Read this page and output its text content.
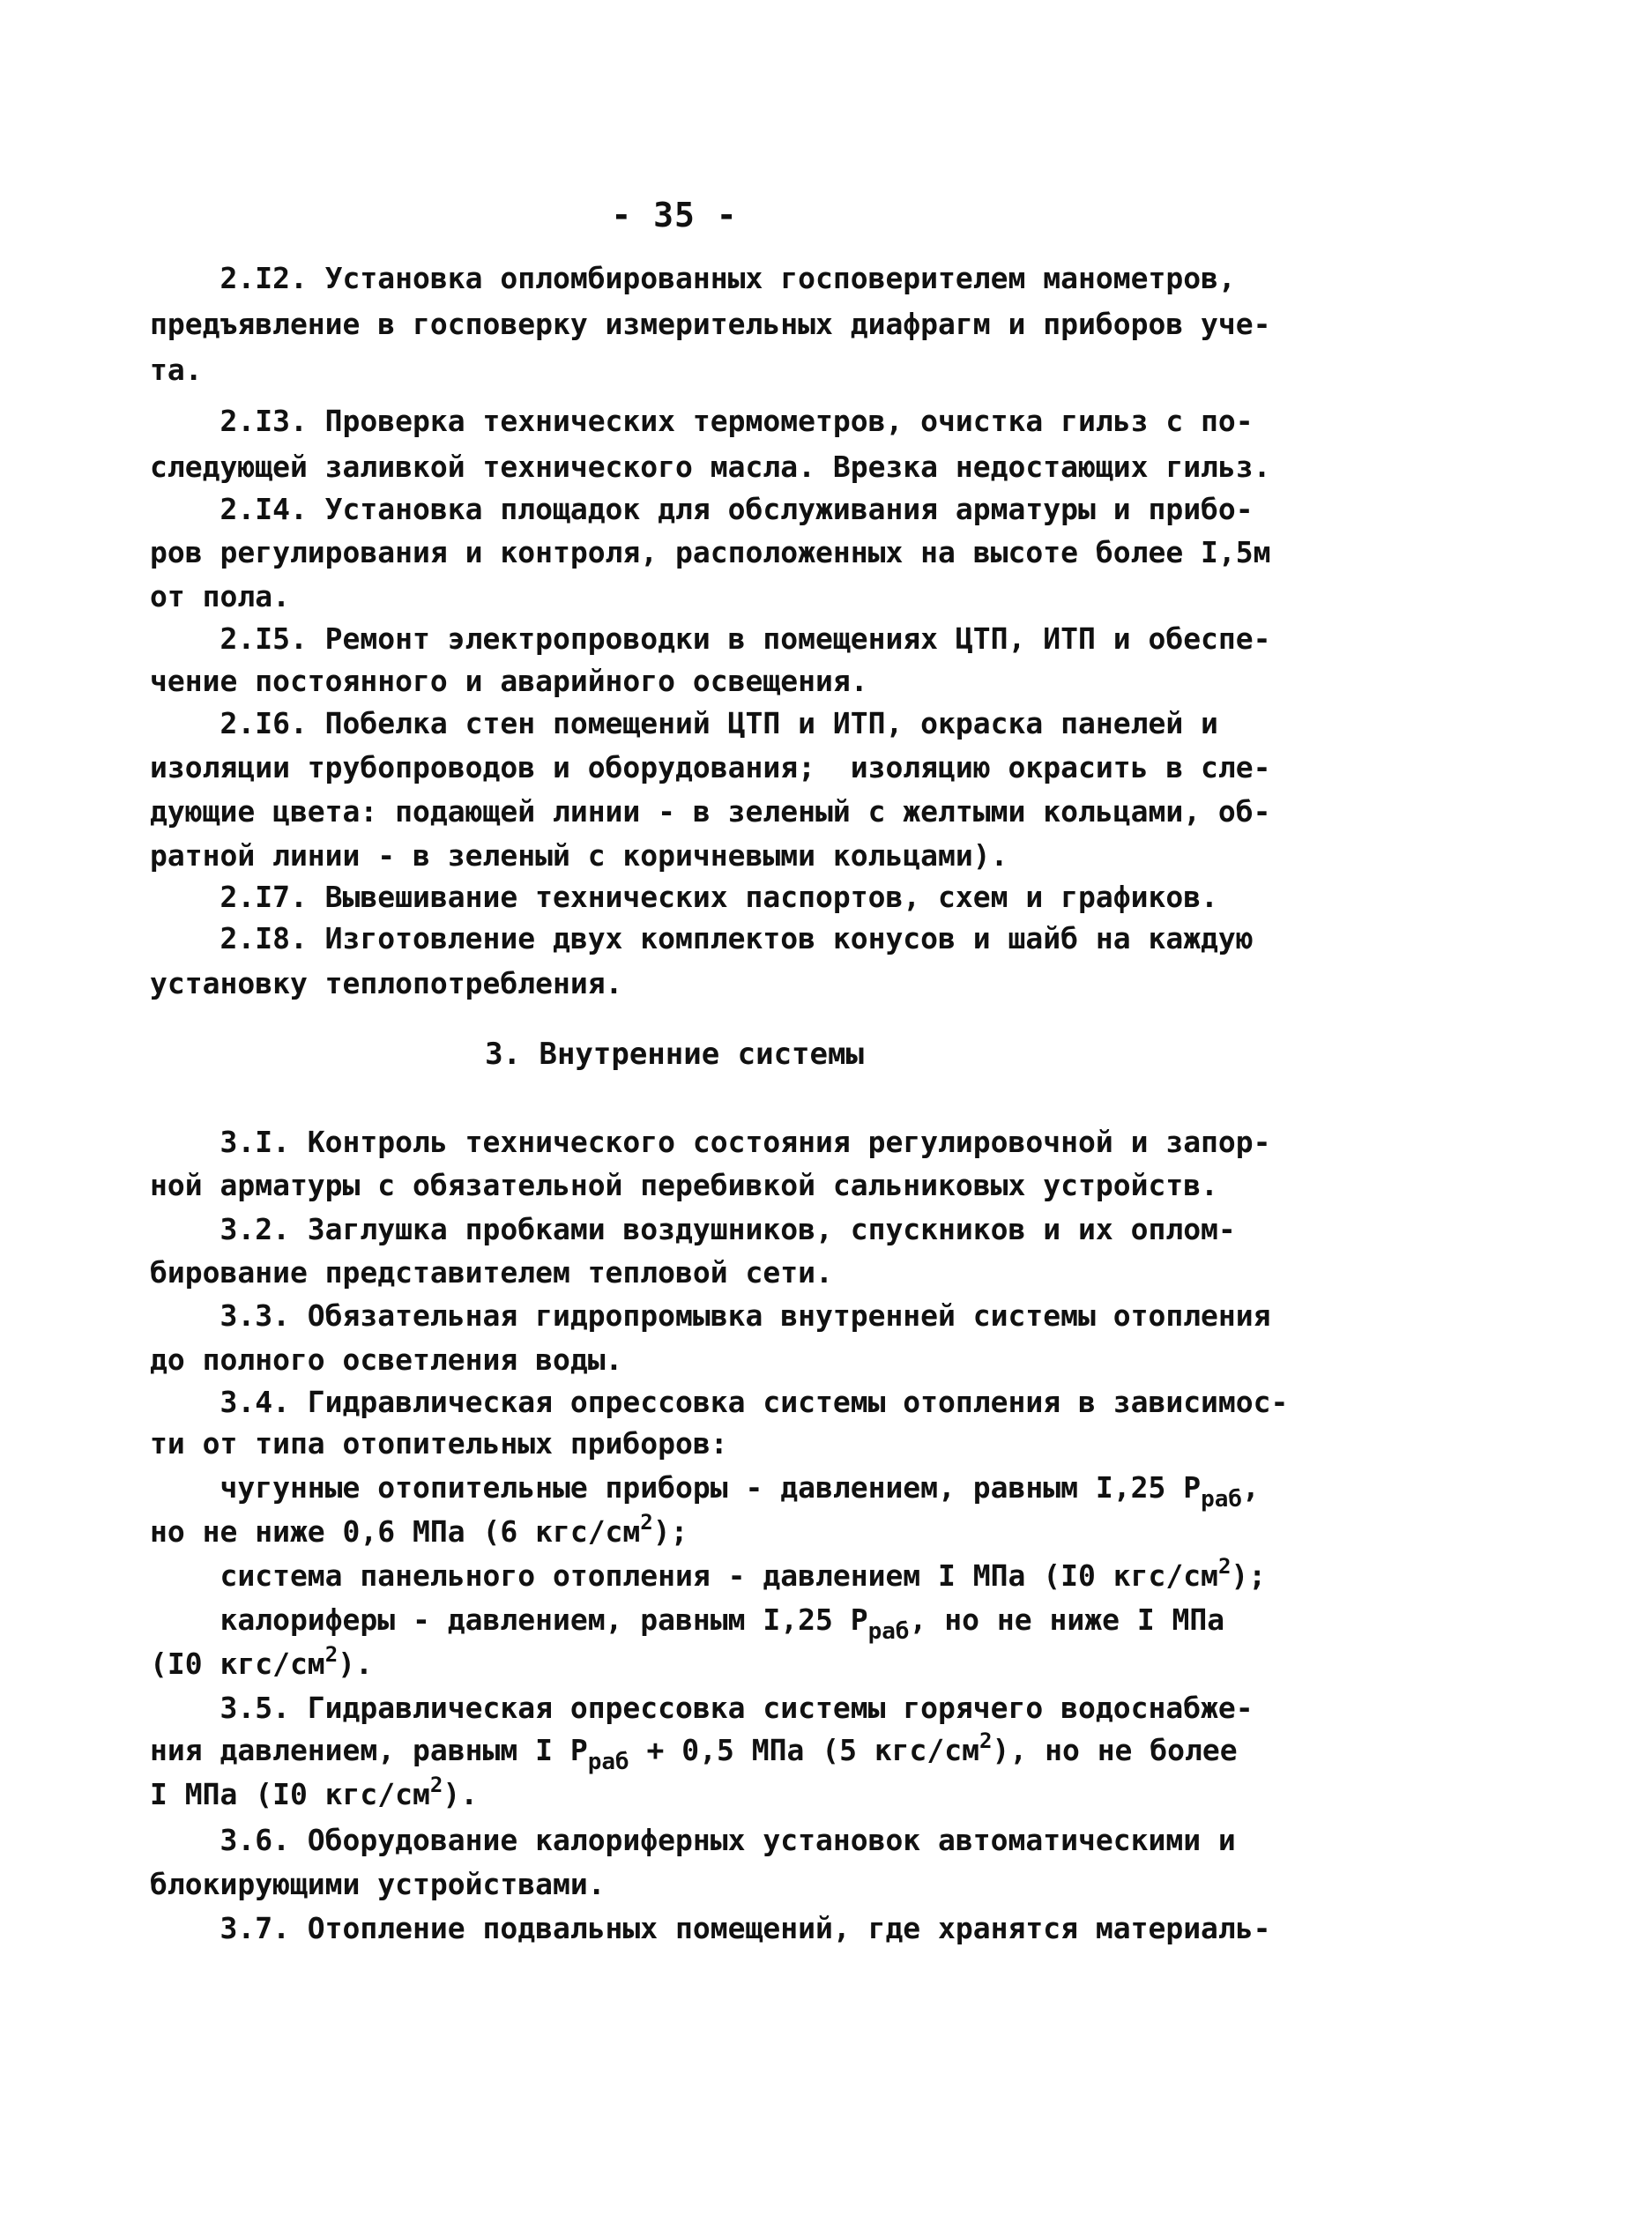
- 35 -
2.I2. Установка опломбированных госповерителем манометров,
предъявление в госповерку измерительных диафрагм и приборов уче-
та.
2.I3. Проверка технических термометров, очистка гильз с по-
следующей заливкой технического масла. Врезка недостающих гильз.
2.I4. Установка площадок для обслуживания арматуры и прибо-
ров регулирования и контроля, расположенных на высоте более I,5м
от пола.
2.I5. Ремонт электропроводки в помещениях ЦТП, ИТП и обеспе-
чение постоянного и аварийного освещения.
2.I6. Побелка стен помещений ЦТП и ИТП, окраска панелей и
изоляции трубопроводов и оборудования;  изоляцию окрасить в сле-
дующие цвета: подающей линии - в зеленый с желтыми кольцами, об-
ратной линии - в зеленый с коричневыми кольцами).
2.I7. Вывешивание технических паспортов, схем и графиков.
2.I8. Изготовление двух комплектов конусов и шайб на каждую
установку теплопотребления.
3. Внутренние системы
3.I. Контроль технического состояния регулировочной и запор-
ной арматуры с обязательной перебивкой сальниковых устройств.
3.2. Заглушка пробками воздушников, спускников и их оплом-
бирование представителем тепловой сети.
3.3. Обязательная гидропромывка внутренней системы отопления
до полного осветления воды.
3.4. Гидравлическая опрессовка системы отопления в зависимос-
ти от типа отопительных приборов:
чугунные отопительные приборы - давлением, равным I,25 $P_{раб}$,
но не ниже 0,6 МПа (6 кгс/$см^2$);
система панельного отопления - давлением I МПа (I0 кгс/$см^2$);
калориферы - давлением, равным I,25 $P_{раб}$, но не ниже I МПа
(I0 кгс/$см^2$).
3.5. Гидравлическая опрессовка системы горячего водоснабже-
ния давлением, равным I $P_{раб} + 0,5$ МПа (5 кгс/$см^2$), но не более
I МПа (I0 кгс/$см^2$).
3.6. Оборудование калориферных установок автоматическими и
блокирующими устройствами.
3.7. Отопление подвальных помещений, где хранятся материаль-
